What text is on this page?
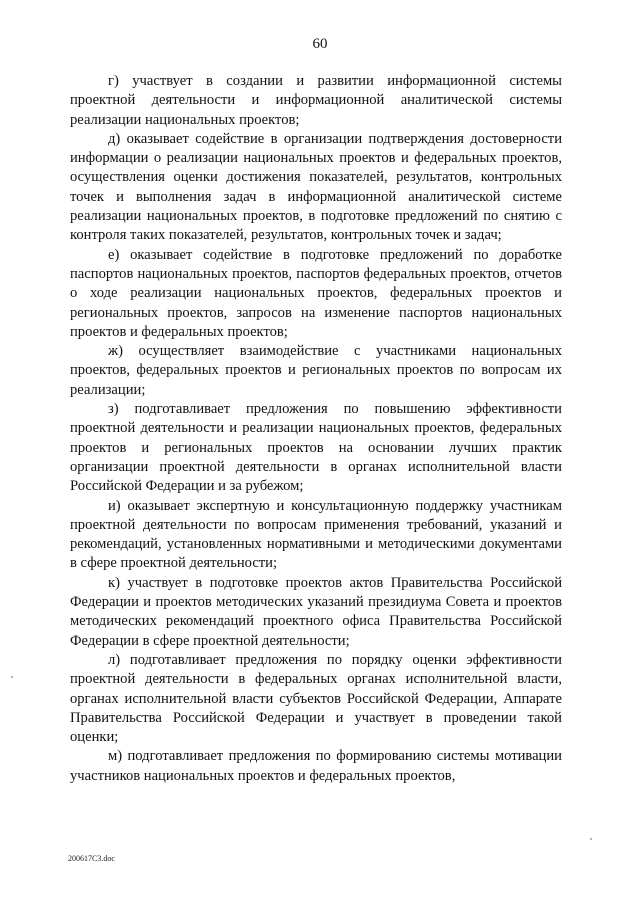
60

г) участвует в создании и развитии информационной системы проектной деятельности и информационной аналитической системы реализации национальных проектов;

д) оказывает содействие в организации подтверждения достоверности информации о реализации национальных проектов и федеральных проектов, осуществления оценки достижения показателей, результатов, контрольных точек и выполнения задач в информационной аналитической системе реализации национальных проектов, в подготовке предложений по снятию с контроля таких показателей, результатов, контрольных точек и задач;

е) оказывает содействие в подготовке предложений по доработке паспортов национальных проектов, паспортов федеральных проектов, отчетов о ходе реализации национальных проектов, федеральных проектов и региональных проектов, запросов на изменение паспортов национальных проектов и федеральных проектов;

ж) осуществляет взаимодействие с участниками национальных проектов, федеральных проектов и региональных проектов по вопросам их реализации;

з) подготавливает предложения по повышению эффективности проектной деятельности и реализации национальных проектов, федеральных проектов и региональных проектов на основании лучших практик организации проектной деятельности в органах исполнительной власти Российской Федерации и за рубежом;

и) оказывает экспертную и консультационную поддержку участникам проектной деятельности по вопросам применения требований, указаний и рекомендаций, установленных нормативными и методическими документами в сфере проектной деятельности;

к) участвует в подготовке проектов актов Правительства Российской Федерации и проектов методических указаний президиума Совета и проектов методических рекомендаций проектного офиса Правительства Российской Федерации в сфере проектной деятельности;

л) подготавливает предложения по порядку оценки эффективности проектной деятельности в федеральных органах исполнительной власти, органах исполнительной власти субъектов Российской Федерации, Аппарате Правительства Российской Федерации и участвует в проведении такой оценки;

м) подготавливает предложения по формированию системы мотивации участников национальных проектов и федеральных проектов,

200617C3.doc
